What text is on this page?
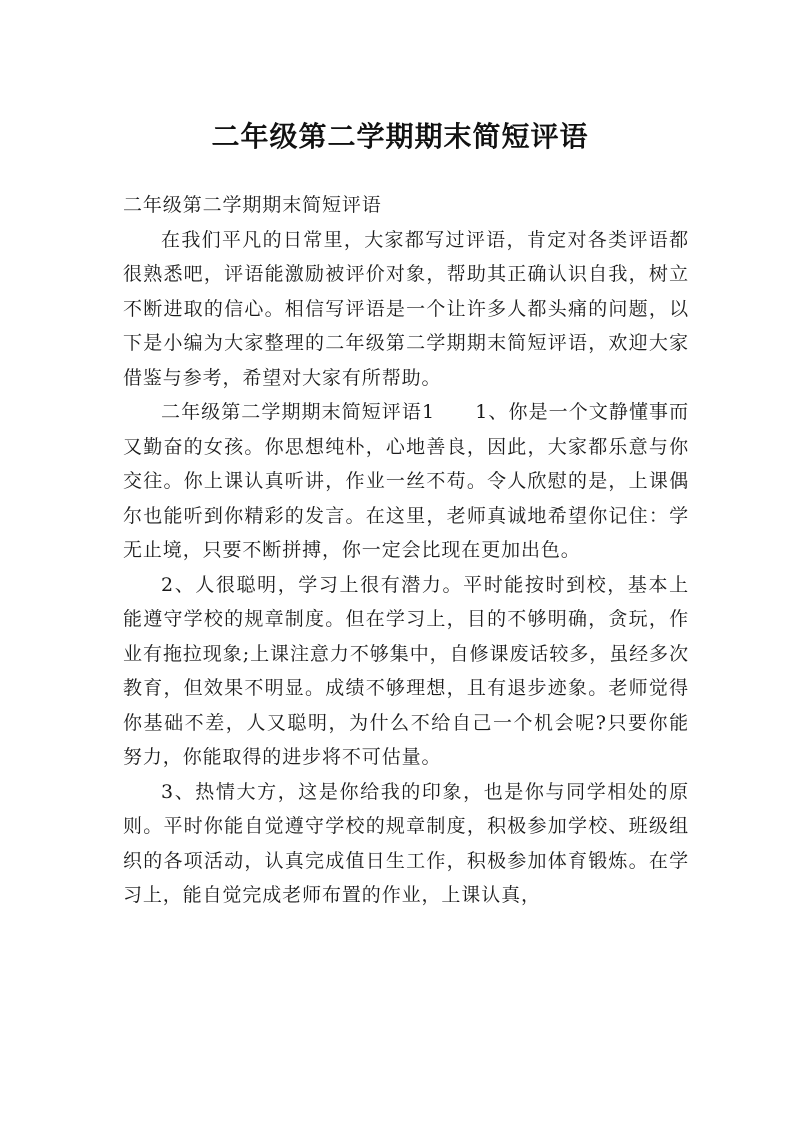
二年级第二学期期末简短评语

二年级第二学期期末简短评语

在我们平凡的日常里，大家都写过评语，肯定对各类评语都很熟悉吧，评语能激励被评价对象，帮助其正确认识自我，树立不断进取的信心。相信写评语是一个让许多人都头痛的问题，以下是小编为大家整理的二年级第二学期期末简短评语，欢迎大家借鉴与参考，希望对大家有所帮助。

二年级第二学期期末简短评语1　　1、你是一个文静懂事而又勤奋的女孩。你思想纯朴，心地善良，因此，大家都乐意与你交往。你上课认真听讲，作业一丝不苟。令人欣慰的是，上课偶尔也能听到你精彩的发言。在这里，老师真诚地希望你记住：学无止境，只要不断拼搏，你一定会比现在更加出色。

2、人很聪明，学习上很有潜力。平时能按时到校，基本上能遵守学校的规章制度。但在学习上，目的不够明确，贪玩，作业有拖拉现象;上课注意力不够集中，自修课废话较多，虽经多次教育，但效果不明显。成绩不够理想，且有退步迹象。老师觉得你基础不差，人又聪明，为什么不给自己一个机会呢?只要你能努力，你能取得的进步将不可估量。

3、热情大方，这是你给我的印象，也是你与同学相处的原则。平时你能自觉遵守学校的规章制度，积极参加学校、班级组织的各项活动，认真完成值日生工作，积极参加体育锻炼。在学习上，能自觉完成老师布置的作业，上课认真，
